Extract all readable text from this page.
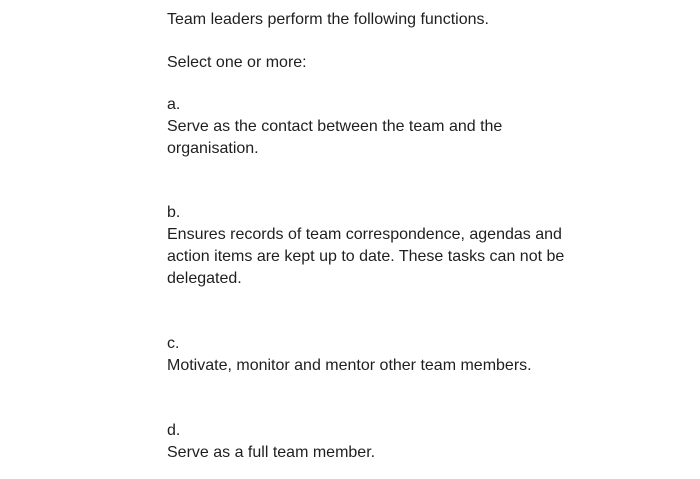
Team leaders perform the following functions.

Select one or more:

a.
Serve as the contact between the team and the organisation.
b.
Ensures records of team correspondence, agendas and action items are kept up to date. These tasks can not be delegated.
c.
Motivate, monitor and mentor other team members.
d.
Serve as a full team member.
